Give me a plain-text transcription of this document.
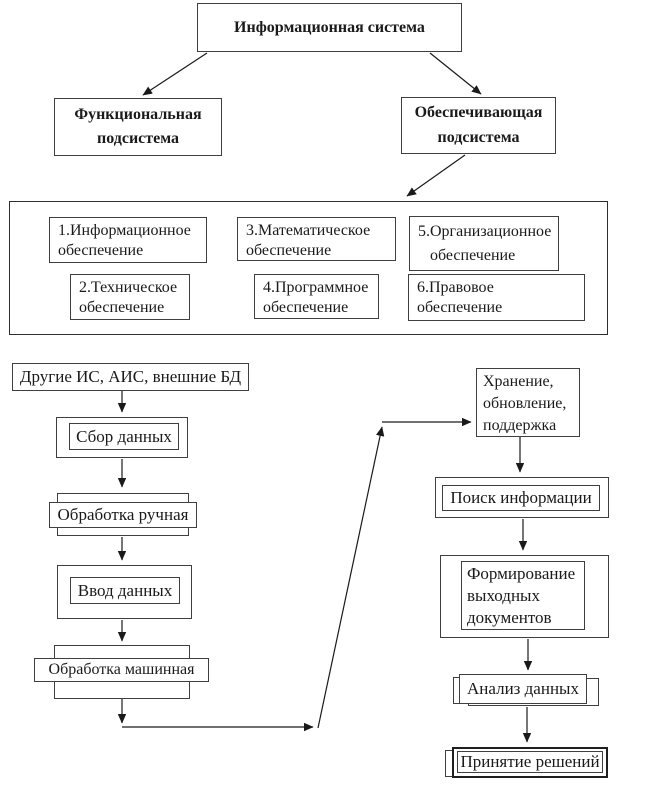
Информационная система
Функциональная
подсистема
Обеспечивающая
подсистема
1.Информационное
обеспечение
2.Техническое
обеспечение
3.Математическое
обеспечение
4.Программное
обеспечение
5.Организационное
обеспечение
6.Правовое
обеспечение
Другие ИС, АИС, внешние БД
Сбор данных
Обработка ручная
Ввод данных
Обработка машинная
Хранение,
обновление,
поддержка
Поиск информации
Формирование
выходных
документов
Анализ данных
Принятие решений
